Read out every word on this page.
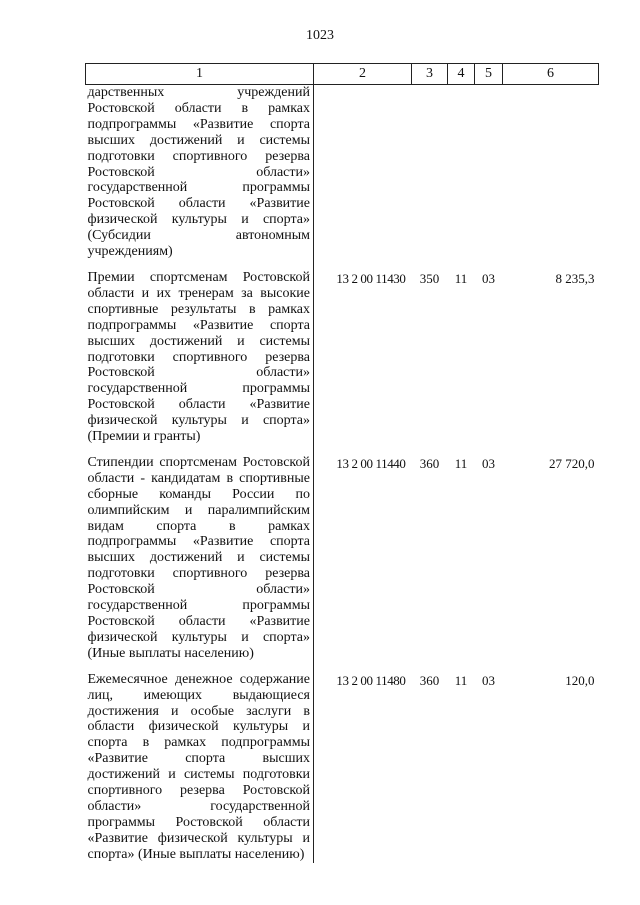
1023
1	2	3	4	5	6
дарственных учреждений Ростовской области в рамках подпрограммы «Развитие спорта высших достижений и системы подготовки спортивного резерва Ростовской области» государственной программы Ростовской области «Развитие физической культуры и спорта» (Субсидии автономным учреждениям)					
Премии спортсменам Ростовской области и их тренерам за высокие спортивные результаты в рамках подпрограммы «Развитие спорта высших достижений и системы подготовки спортивного резерва Ростовской области» государственной программы Ростовской области «Развитие физической культуры и спорта» (Премии и гранты)	13 2 00 11430	350	11	03	8 235,3
Стипендии спортсменам Ростовской области - кандидатам в спортивные сборные команды России по олимпийским и паралимпийским видам спорта в рамках подпрограммы «Развитие спорта высших достижений и системы подготовки спортивного резерва Ростовской области» государственной программы Ростовской области «Развитие физической культуры и спорта» (Иные выплаты населению)	13 2 00 11440	360	11	03	27 720,0
Ежемесячное денежное содержание лиц, имеющих выдающиеся достижения и особые заслуги в области физической культуры и спорта в рамках подпрограммы «Развитие спорта высших достижений и системы подготовки спортивного резерва Ростовской области» государственной программы Ростовской области «Развитие физической культуры и спорта» (Иные выплаты населению)	13 2 00 11480	360	11	03	120,0
